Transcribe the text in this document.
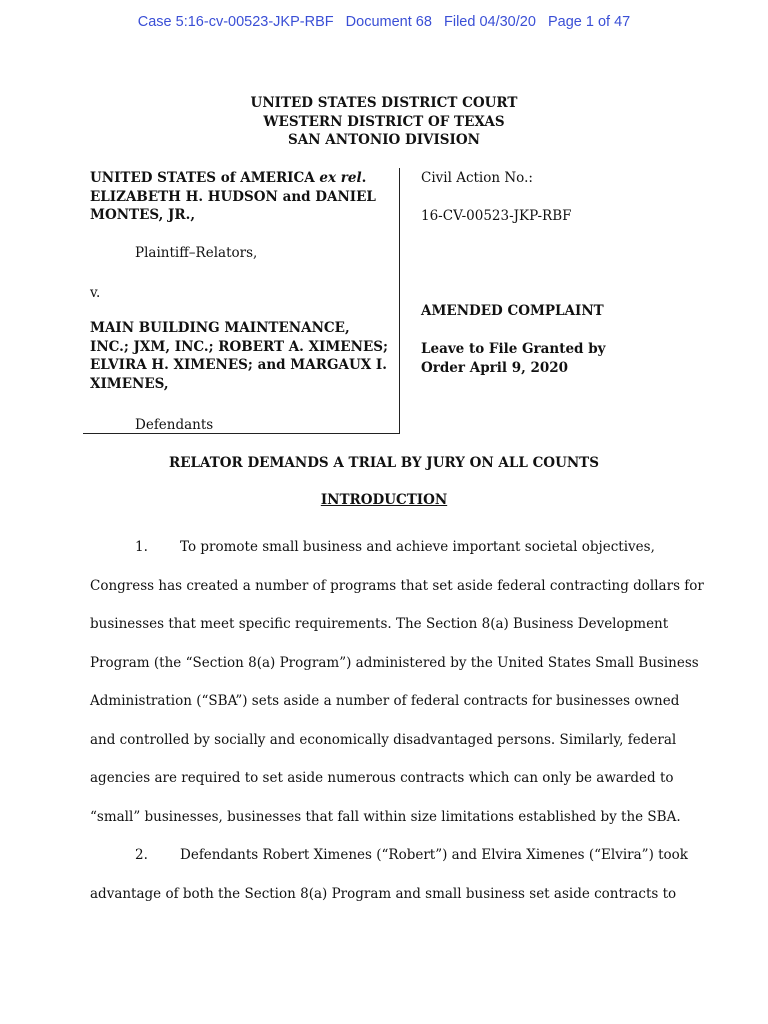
Case 5:16-cv-00523-JKP-RBF   Document 68   Filed 04/30/20   Page 1 of 47
UNITED STATES DISTRICT COURT
WESTERN DISTRICT OF TEXAS
SAN ANTONIO DIVISION
UNITED STATES of AMERICA ex rel. ELIZABETH H. HUDSON and DANIEL MONTES, JR.,
Plaintiff–Relators,
v.
MAIN BUILDING MAINTENANCE, INC.; JXM, INC.; ROBERT A. XIMENES; ELVIRA H. XIMENES; and MARGAUX I. XIMENES,
Defendants
Civil Action No.:
16-CV-00523-JKP-RBF
AMENDED COMPLAINT
Leave to File Granted by Order April 9, 2020
RELATOR DEMANDS A TRIAL BY JURY ON ALL COUNTS
INTRODUCTION
1. To promote small business and achieve important societal objectives,
Congress has created a number of programs that set aside federal contracting dollars for
businesses that meet specific requirements. The Section 8(a) Business Development
Program (the “Section 8(a) Program”) administered by the United States Small Business
Administration (“SBA”) sets aside a number of federal contracts for businesses owned
and controlled by socially and economically disadvantaged persons. Similarly, federal
agencies are required to set aside numerous contracts which can only be awarded to
“small” businesses, businesses that fall within size limitations established by the SBA.
2. Defendants Robert Ximenes (“Robert”) and Elvira Ximenes (“Elvira”) took
advantage of both the Section 8(a) Program and small business set aside contracts to
